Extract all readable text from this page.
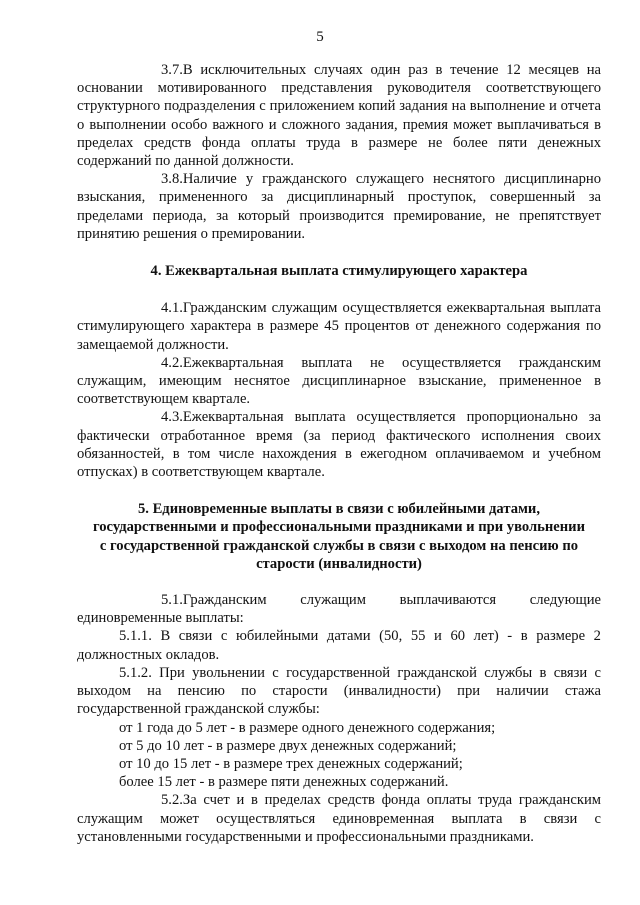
5

3.7.В исключительных случаях один раз в течение 12 месяцев на основании мотивированного представления руководителя соответствующего структурного подразделения с приложением копий задания на выполнение и отчета о выполнении особо важного и сложного задания, премия может выплачиваться в пределах средств фонда оплаты труда в размере не более пяти денежных содержаний по данной должности.

3.8.Наличие у гражданского служащего неснятого дисциплинарно взыскания, примененного за дисциплинарный проступок, совершенный за пределами периода, за который производится премирование, не препятствует принятию решения о премировании.

4. Ежеквартальная выплата стимулирующего характера

4.1.Гражданским служащим осуществляется ежеквартальная выплата стимулирующего характера в размере 45 процентов от денежного содержания по замещаемой должности.

4.2.Ежеквартальная выплата не осуществляется гражданским служащим, имеющим неснятое дисциплинарное взыскание, примененное в соответствующем квартале.

4.3.Ежеквартальная выплата осуществляется пропорционально за фактически отработанное время (за период фактического исполнения своих обязанностей, в том числе нахождения в ежегодном оплачиваемом и учебном отпусках) в соответствующем квартале.

5. Единовременные выплаты в связи с юбилейными датами,
государственными и профессиональными праздниками и при увольнении
с государственной гражданской службы в связи с выходом на пенсию по
старости (инвалидности)

5.1.Гражданским служащим выплачиваются следующие единовременные выплаты:

5.1.1. В связи с юбилейными датами (50, 55 и 60 лет) - в размере 2 должностных окладов.

5.1.2. При увольнении с государственной гражданской службы в связи с выходом на пенсию по старости (инвалидности) при наличии стажа государственной гражданской службы:

от 1 года до 5 лет - в размере одного денежного содержания;

от 5 до 10 лет - в размере двух денежных содержаний;

от 10 до 15 лет - в размере трех денежных содержаний;

более 15 лет - в размере пяти денежных содержаний.

5.2.За счет и в пределах средств фонда оплаты труда гражданским служащим может осуществляться единовременная выплата в связи с установленными государственными и профессиональными праздниками.
